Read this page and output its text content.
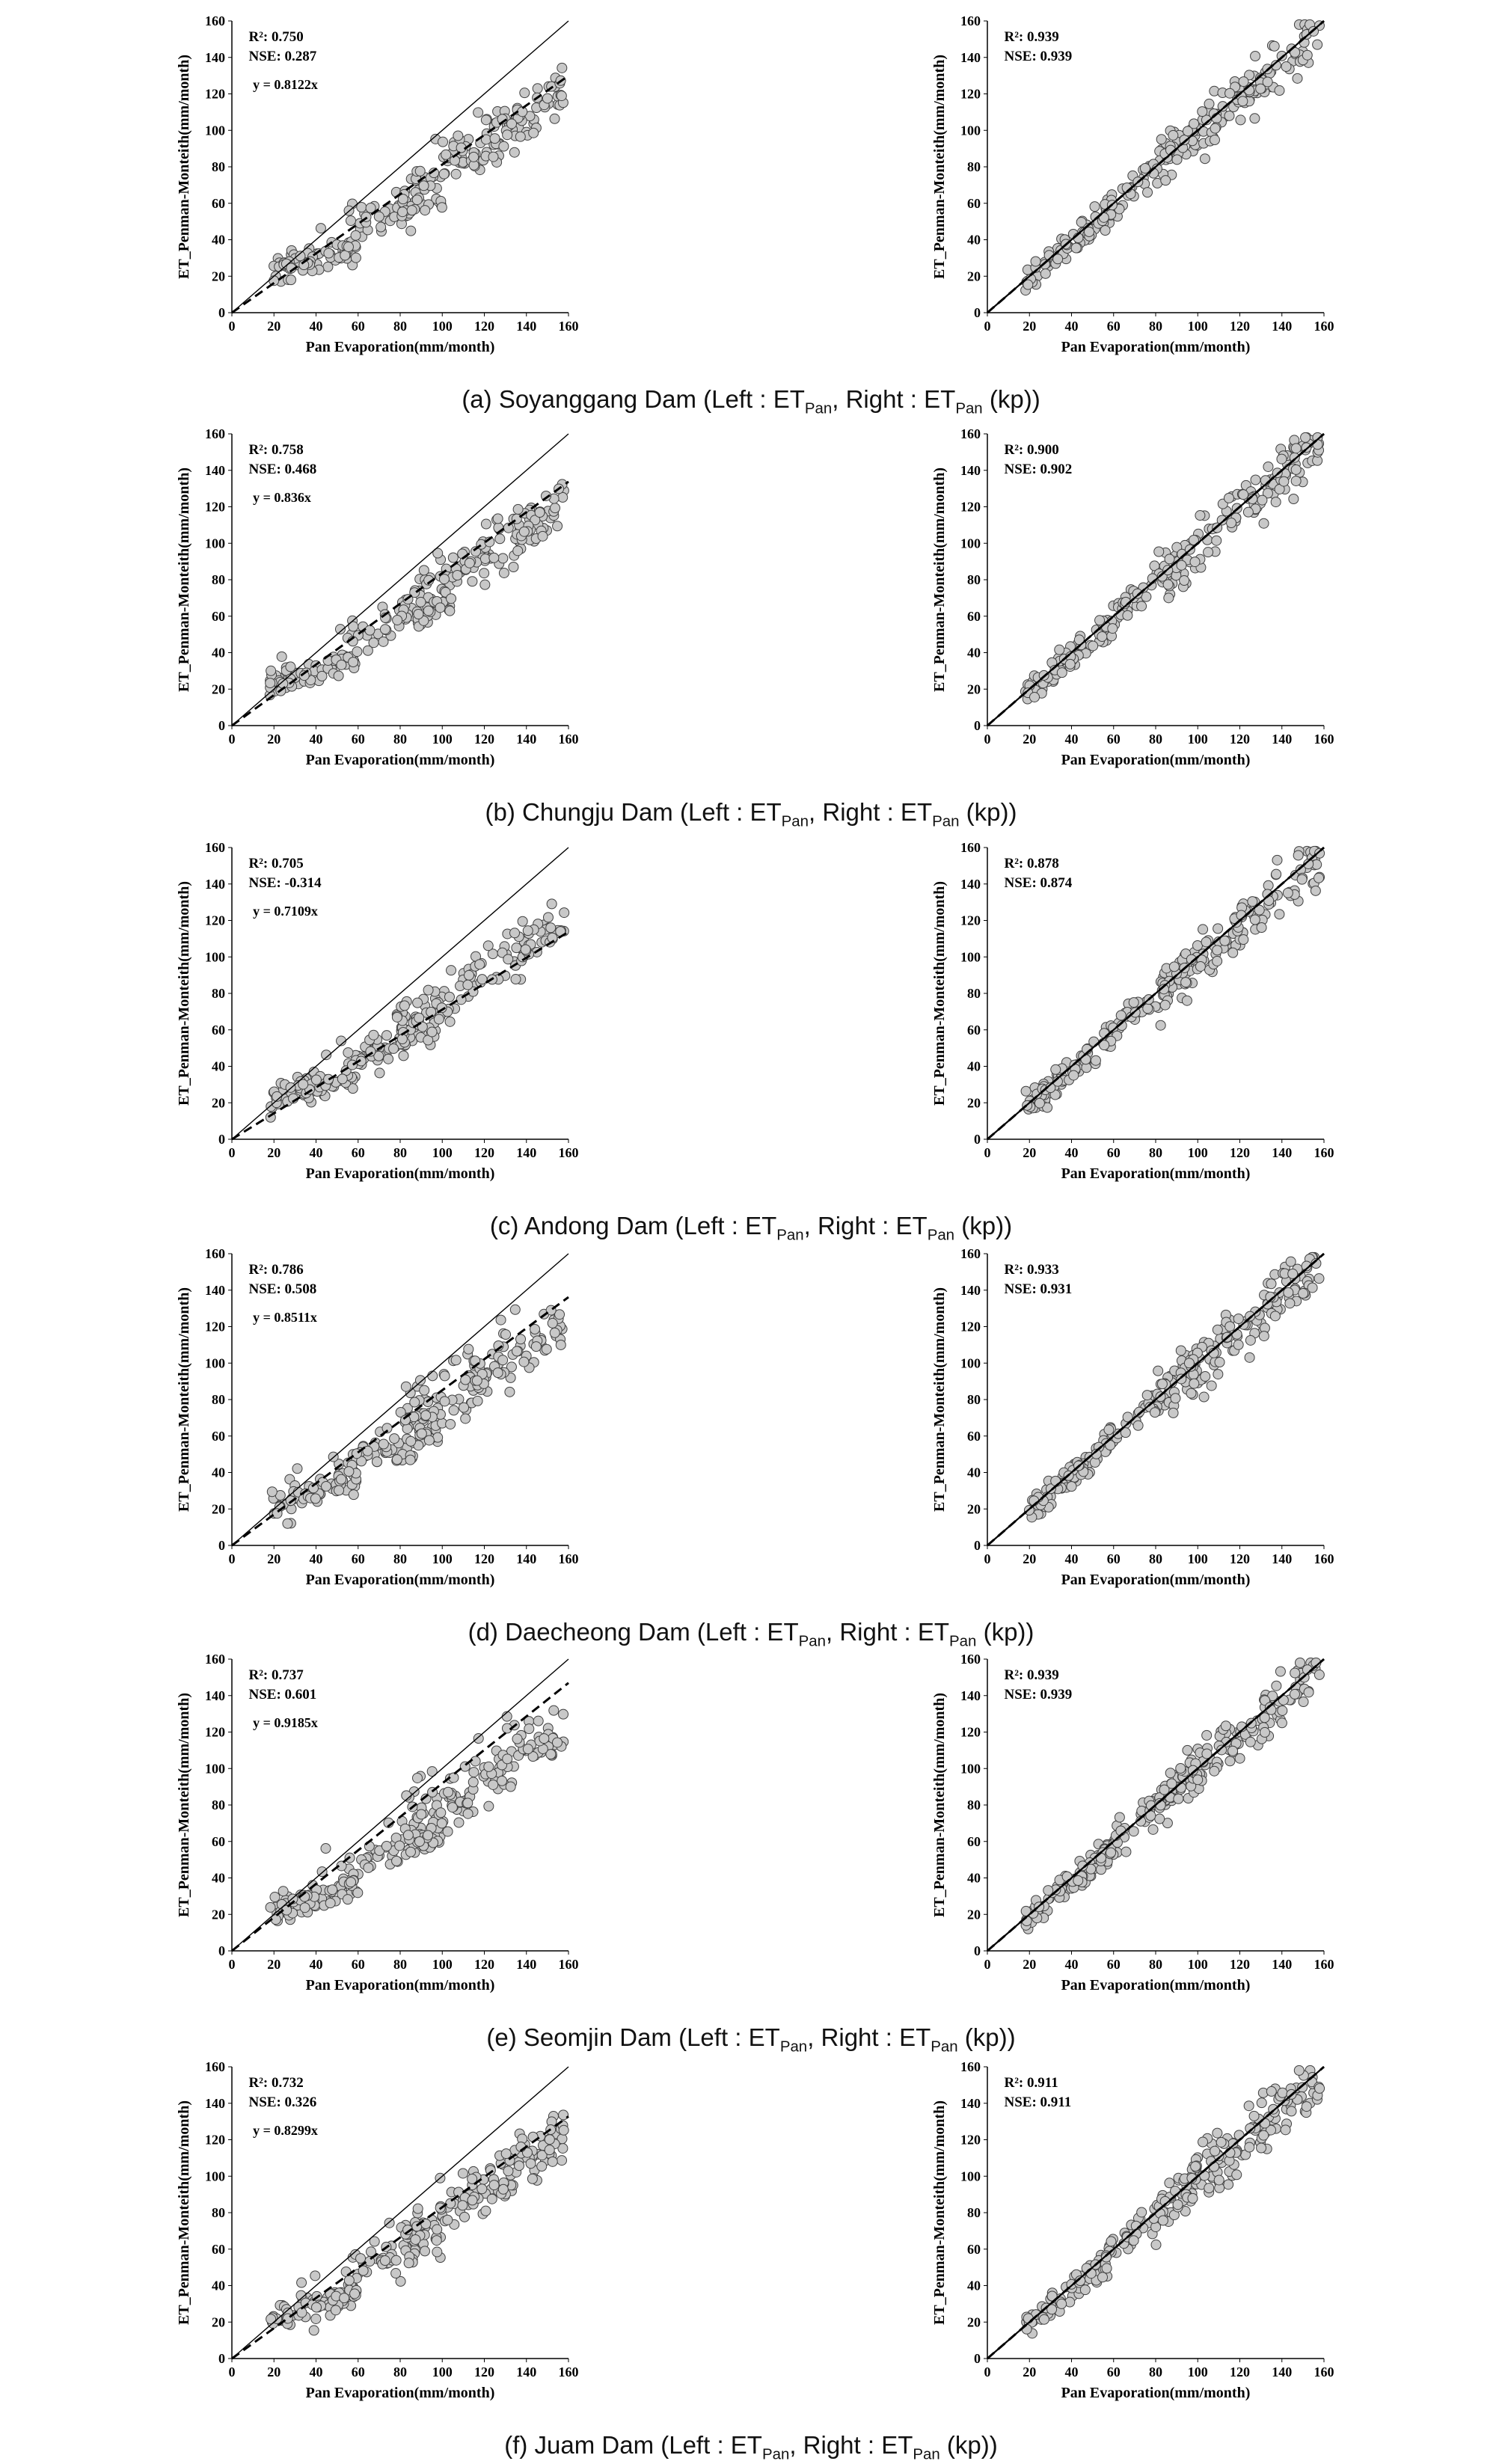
0
0
20
20
40
40
60
60
80
80
100
100
120
120
140
140
160
160
Pan Evaporation(mm/month)
ET_Penman-Monteith(mm/month)
R²: 0.750
NSE: 0.287
y = 0.8122x
0
0
20
20
40
40
60
60
80
80
100
100
120
120
140
140
160
160
Pan Evaporation(mm/month)
ET_Penman-Monteith(mm/month)
R²: 0.939
NSE: 0.939
(a) Soyanggang Dam (Left : $ET_{Pan}$, Right : $ET_{Pan}$ (kp))
0
0
20
20
40
40
60
60
80
80
100
100
120
120
140
140
160
160
Pan Evaporation(mm/month)
ET_Penman-Monteith(mm/month)
R²: 0.758
NSE: 0.468
y = 0.836x
0
0
20
20
40
40
60
60
80
80
100
100
120
120
140
140
160
160
Pan Evaporation(mm/month)
ET_Penman-Monteith(mm/month)
R²: 0.900
NSE: 0.902
(b) Chungju Dam (Left : $ET_{Pan}$, Right : $ET_{Pan}$ (kp))
0
0
20
20
40
40
60
60
80
80
100
100
120
120
140
140
160
160
Pan Evaporation(mm/month)
ET_Penman-Monteith(mm/month)
R²: 0.705
NSE: -0.314
y = 0.7109x
0
0
20
20
40
40
60
60
80
80
100
100
120
120
140
140
160
160
Pan Evaporation(mm/month)
ET_Penman-Monteith(mm/month)
R²: 0.878
NSE: 0.874
(c) Andong Dam (Left : $ET_{Pan}$, Right : $ET_{Pan}$ (kp))
0
0
20
20
40
40
60
60
80
80
100
100
120
120
140
140
160
160
Pan Evaporation(mm/month)
ET_Penman-Monteith(mm/month)
R²: 0.786
NSE: 0.508
y = 0.8511x
0
0
20
20
40
40
60
60
80
80
100
100
120
120
140
140
160
160
Pan Evaporation(mm/month)
ET_Penman-Monteith(mm/month)
R²: 0.933
NSE: 0.931
(d) Daecheong Dam (Left : $ET_{Pan}$, Right : $ET_{Pan}$ (kp))
0
0
20
20
40
40
60
60
80
80
100
100
120
120
140
140
160
160
Pan Evaporation(mm/month)
ET_Penman-Monteith(mm/month)
R²: 0.737
NSE: 0.601
y = 0.9185x
0
0
20
20
40
40
60
60
80
80
100
100
120
120
140
140
160
160
Pan Evaporation(mm/month)
ET_Penman-Monteith(mm/month)
R²: 0.939
NSE: 0.939
(e) Seomjin Dam (Left : $ET_{Pan}$, Right : $ET_{Pan}$ (kp))
0
0
20
20
40
40
60
60
80
80
100
100
120
120
140
140
160
160
Pan Evaporation(mm/month)
ET_Penman-Monteith(mm/month)
R²: 0.732
NSE: 0.326
y = 0.8299x
0
0
20
20
40
40
60
60
80
80
100
100
120
120
140
140
160
160
Pan Evaporation(mm/month)
ET_Penman-Monteith(mm/month)
R²: 0.911
NSE: 0.911
(f) Juam Dam (Left : $ET_{Pan}$, Right : $ET_{Pan}$ (kp))
